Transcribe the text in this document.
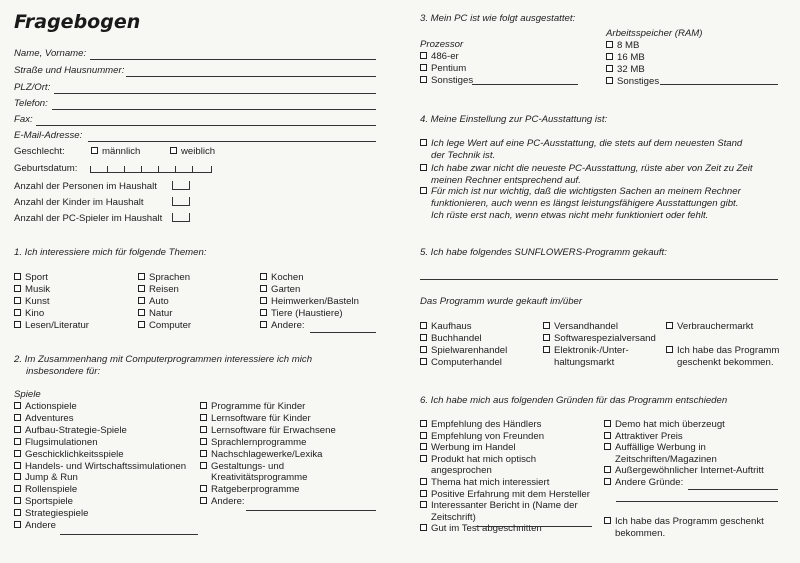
Fragebogen
Name, Vorname:
Straße und Hausnummer:
PLZ/Ort:
Telefon:
Fax:
E-Mail-Adresse:
Geschlecht:	männlich	weiblich
Geburtsdatum:
Anzahl der Personen im Haushalt
Anzahl der Kinder im Haushalt
Anzahl der PC-Spieler im Haushalt
1. Ich interessiere mich für folgende Themen:
Sport
Musik
Kunst
Kino
Lesen/Literatur
Sprachen
Reisen
Auto
Natur
Computer
Kochen
Garten
Heimwerken/Basteln
Tiere (Haustiere)
Andere:
2. Im Zusammenhang mit Computerprogrammen interessiere ich mich
insbesondere für:
Spiele
Actionspiele
Adventures
Aufbau-Strategie-Spiele
Flugsimulationen
Geschicklichkeitsspiele
Handels- und Wirtschaftssimulationen
Jump & Run
Rollenspiele
Sportspiele
Strategiespiele
Andere
Programme für Kinder
Lernsoftware für Kinder
Lernsoftware für Erwachsene
Sprachlernprogramme
Nachschlagewerke/Lexika
Gestaltungs- und
Kreativitätsprogramme
Ratgeberprogramme
Andere:
3. Mein PC ist wie folgt ausgestattet:
Prozessor
486-er
Pentium
Sonstiges
Arbeitsspeicher (RAM)
8 MB
16 MB
32 MB
Sonstiges
4. Meine Einstellung zur PC-Ausstattung ist:
Ich lege Wert auf eine PC-Ausstattung, die stets auf dem neuesten Stand
der Technik ist.
Ich habe zwar nicht die neueste PC-Ausstattung, rüste aber von Zeit zu Zeit
meinen Rechner entsprechend auf.
Für mich ist nur wichtig, daß die wichtigsten Sachen an meinem Rechner
funktionieren, auch wenn es längst leistungsfähigere Ausstattungen gibt.
Ich rüste erst nach, wenn etwas nicht mehr funktioniert oder fehlt.
5. Ich habe folgendes SUNFLOWERS-Programm gekauft:
Das Programm wurde gekauft im/über
Kaufhaus
Buchhandel
Spielwarenhandel
Computerhandel
Versandhandel
Softwarespezialversand
Elektronik-/Unter-
haltungsmarkt
Verbrauchermarkt
Ich habe das Programm
geschenkt bekommen.
6. Ich habe mich aus folgenden Gründen für das Programm entschieden
Empfehlung des Händlers
Empfehlung von Freunden
Werbung im Handel
Produkt hat mich optisch
angesprochen
Thema hat mich interessiert
Positive Erfahrung mit dem Hersteller
Interessanter Bericht in (Name der
Zeitschrift)
Gut im Test abgeschnitten
Demo hat mich überzeugt
Attraktiver Preis
Auffällige Werbung in
Zeitschriften/Magazinen
Außergewöhnlicher Internet-Auftritt
Andere Gründe:
Ich habe das Programm geschenkt
bekommen.
